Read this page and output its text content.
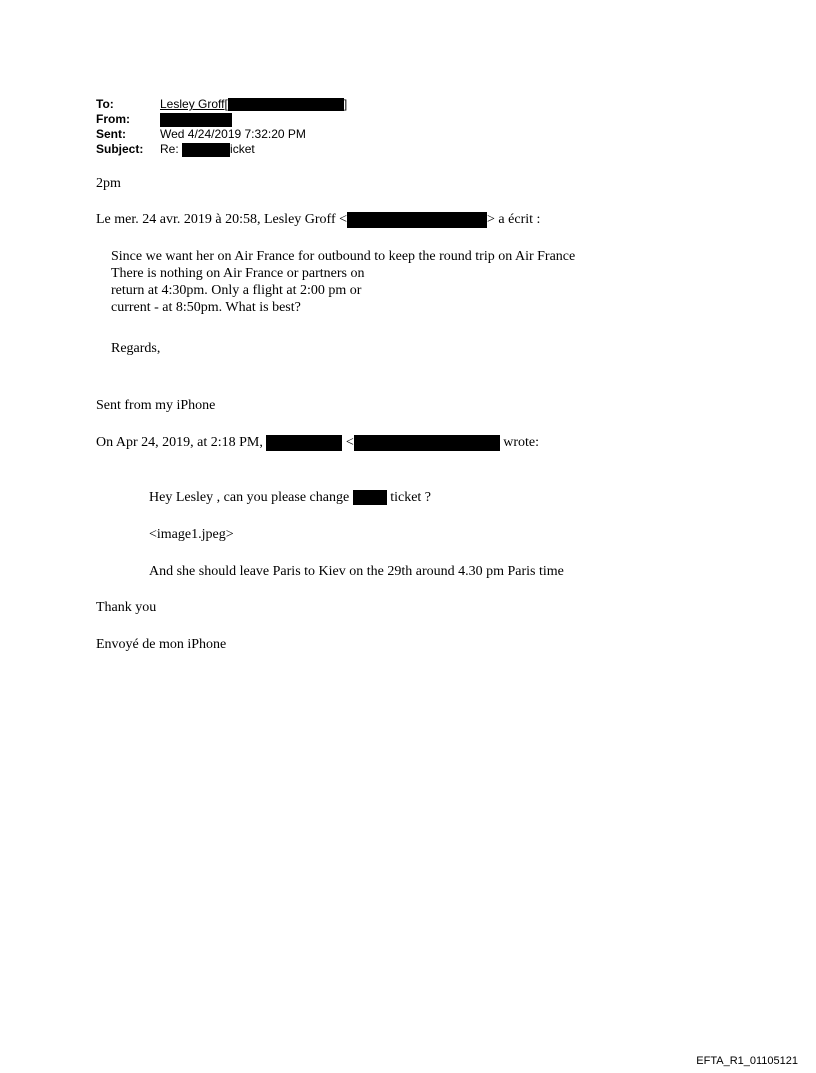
To:	Lesley Groff[	]
From:
Sent:	Wed 4/24/2019 7:32:20 PM
Subject: Re:	icket
2pm
Le mer. 24 avr. 2019 à 20:58, Lesley Groff <	> a écrit :
Since we want her on Air France for outbound to keep the round trip on Air France
There is nothing on Air France or partners on
return at 4:30pm. Only a flight at 2:00 pm or
current - at 8:50pm. What is best?
Regards,
Sent from my iPhone
On Apr 24, 2019, at 2:18 PM,	<	wrote:
Hey Lesley , can you please change	ticket ?
<image1.jpeg>
And she should leave Paris to Kiev on the 29th around 4.30 pm Paris time
Thank you
Envoyé de mon iPhone
EFTA_R1_01105121
